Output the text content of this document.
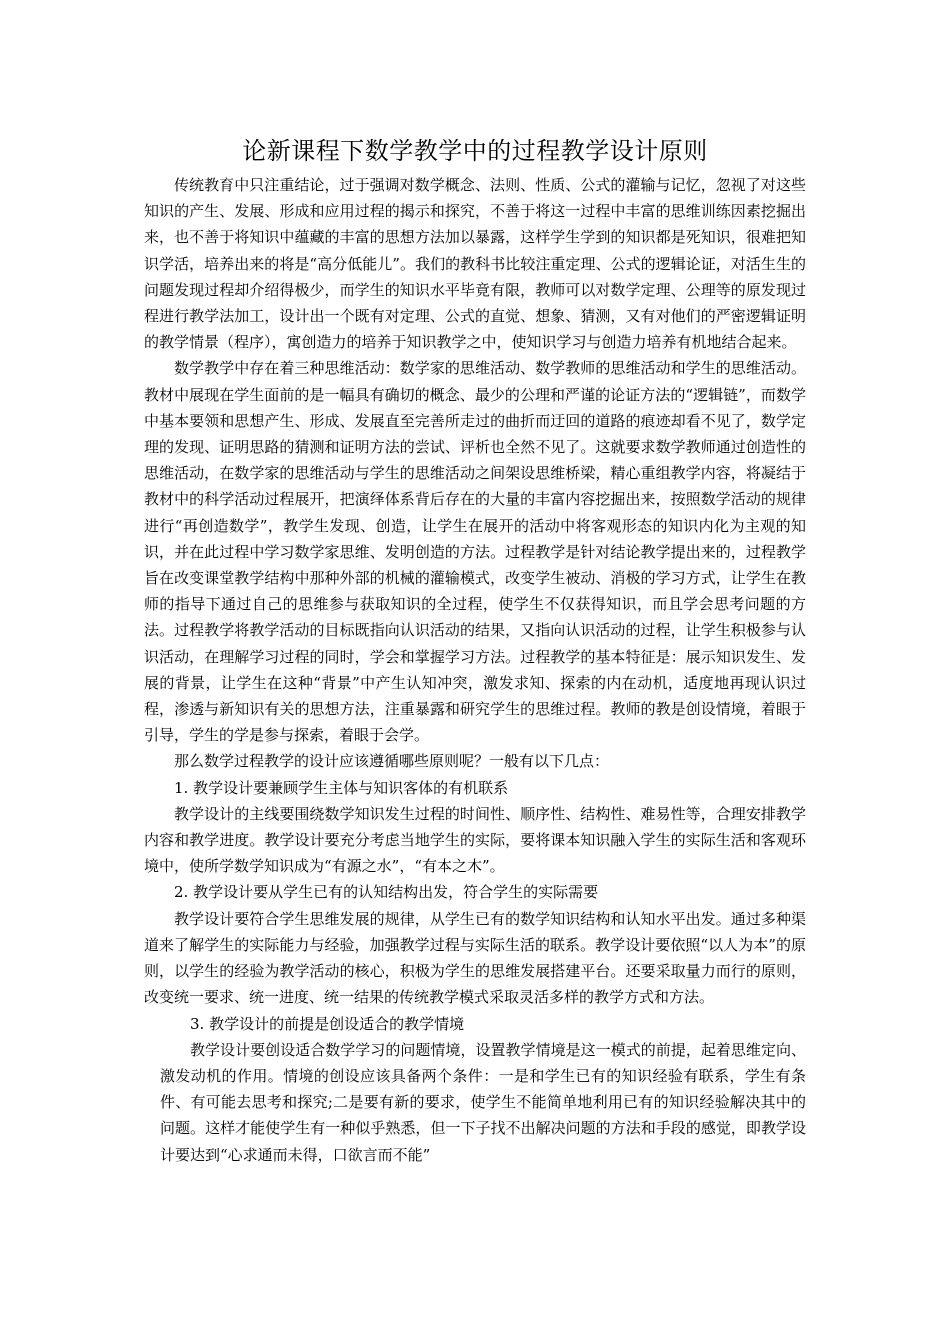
论新课程下数学教学中的过程教学设计原则

传统教育中只注重结论，过于强调对数学概念、法则、性质、公式的灌输与记忆，忽视了对这些知识的产生、发展、形成和应用过程的揭示和探究，不善于将这一过程中丰富的思维训练因素挖掘出来，也不善于将知识中蕴藏的丰富的思想方法加以暴露，这样学生学到的知识都是死知识，很难把知识学活，培养出来的将是“高分低能儿”。我们的教科书比较注重定理、公式的逻辑论证，对活生生的问题发现过程却介绍得极少，而学生的知识水平毕竟有限，教师可以对数学定理、公理等的原发现过程进行教学法加工，设计出一个既有对定理、公式的直觉、想象、猜测，又有对他们的严密逻辑证明的教学情景（程序），寓创造力的培养于知识教学之中，使知识学习与创造力培养有机地结合起来。

数学教学中存在着三种思维活动：数学家的思维活动、数学教师的思维活动和学生的思维活动。教材中展现在学生面前的是一幅具有确切的概念、最少的公理和严谨的论证方法的“逻辑链”，而数学中基本要领和思想产生、形成、发展直至完善所走过的曲折而迂回的道路的痕迹却看不见了，数学定理的发现、证明思路的猜测和证明方法的尝试、评析也全然不见了。这就要求数学教师通过创造性的思维活动，在数学家的思维活动与学生的思维活动之间架设思维桥梁，精心重组教学内容，将凝结于教材中的科学活动过程展开，把演绎体系背后存在的大量的丰富内容挖掘出来，按照数学活动的规律进行“再创造数学”，教学生发现、创造，让学生在展开的活动中将客观形态的知识内化为主观的知识，并在此过程中学习数学家思维、发明创造的方法。过程教学是针对结论教学提出来的，过程教学旨在改变课堂教学结构中那种外部的机械的灌输模式，改变学生被动、消极的学习方式，让学生在教师的指导下通过自己的思维参与获取知识的全过程，使学生不仅获得知识，而且学会思考问题的方法。过程教学将教学活动的目标既指向认识活动的结果，又指向认识活动的过程，让学生积极参与认识活动，在理解学习过程的同时，学会和掌握学习方法。过程教学的基本特征是：展示知识发生、发展的背景，让学生在这种“背景”中产生认知冲突，激发求知、探索的内在动机，适度地再现认识过程，渗透与新知识有关的思想方法，注重暴露和研究学生的思维过程。教师的教是创设情境，着眼于引导，学生的学是参与探索，着眼于会学。

那么数学过程教学的设计应该遵循哪些原则呢？一般有以下几点：

1. 教学设计要兼顾学生主体与知识客体的有机联系

教学设计的主线要围绕数学知识发生过程的时间性、顺序性、结构性、难易性等，合理安排教学内容和教学进度。教学设计要充分考虑当地学生的实际，要将课本知识融入学生的实际生活和客观环境中，使所学数学知识成为“有源之水”，“有本之木”。

2. 教学设计要从学生已有的认知结构出发，符合学生的实际需要

教学设计要符合学生思维发展的规律，从学生已有的数学知识结构和认知水平出发。通过多种渠道来了解学生的实际能力与经验，加强教学过程与实际生活的联系。教学设计要依照“以人为本”的原则，以学生的经验为教学活动的核心，积极为学生的思维发展搭建平台。还要采取量力而行的原则，改变统一要求、统一进度、统一结果的传统教学模式采取灵活多样的教学方式和方法。

3. 教学设计的前提是创设适合的教学情境

教学设计要创设适合数学学习的问题情境，设置教学情境是这一模式的前提，起着思维定向、激发动机的作用。情境的创设应该具备两个条件：一是和学生已有的知识经验有联系，学生有条件、有可能去思考和探究;二是要有新的要求，使学生不能简单地利用已有的知识经验解决其中的问题。这样才能使学生有一种似乎熟悉，但一下子找不出解决问题的方法和手段的感觉，即教学设计要达到“心求通而未得，口欲言而不能”
